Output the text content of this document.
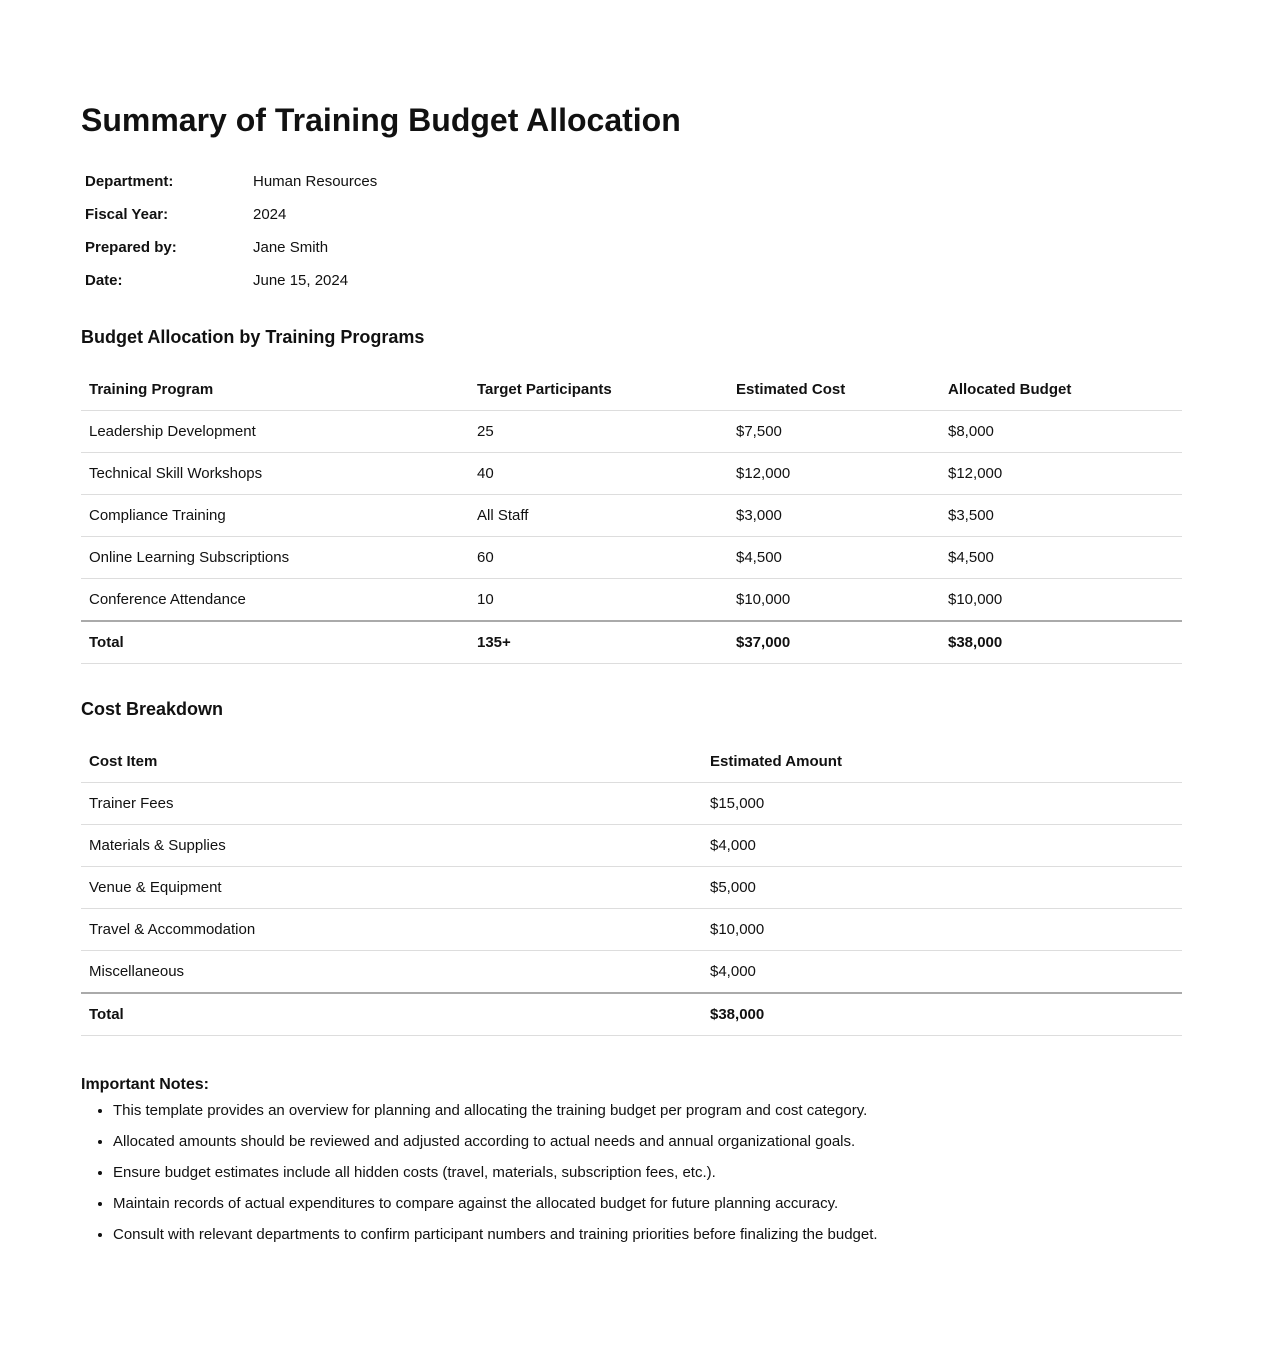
Summary of Training Budget Allocation
Department:	Human Resources
Fiscal Year:	2024
Prepared by:	Jane Smith
Date:	June 15, 2024
Budget Allocation by Training Programs
Training Program	Target Participants	Estimated Cost	Allocated Budget
Leadership Development	25	$7,500	$8,000
Technical Skill Workshops	40	$12,000	$12,000
Compliance Training	All Staff	$3,000	$3,500
Online Learning Subscriptions	60	$4,500	$4,500
Conference Attendance	10	$10,000	$10,000
Total	135+	$37,000	$38,000
Cost Breakdown
Cost Item	Estimated Amount
Trainer Fees	$15,000
Materials & Supplies	$4,000
Venue & Equipment	$5,000
Travel & Accommodation	$10,000
Miscellaneous	$4,000
Total	$38,000

Important Notes:

• This template provides an overview for planning and allocating the training budget per program and cost category.
• Allocated amounts should be reviewed and adjusted according to actual needs and annual organizational goals.
• Ensure budget estimates include all hidden costs (travel, materials, subscription fees, etc.).
• Maintain records of actual expenditures to compare against the allocated budget for future planning accuracy.
• Consult with relevant departments to confirm participant numbers and training priorities before finalizing the budget.
